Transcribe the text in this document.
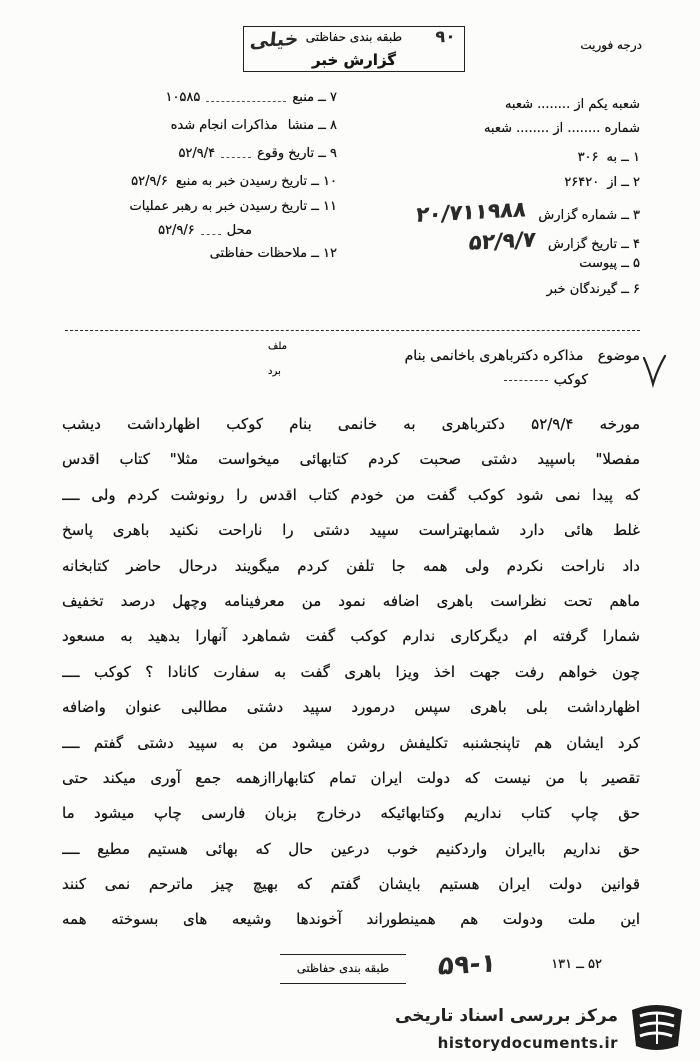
درجه فوریت
طبقه بندی حفاظتی ۹۰
خیلی
گزارش خبر
شعبه یکم از ........ شعبه
شماره ........ از ........ شعبه
۱ ــ به
۳۰۶
۲ ــ از
۲۶۴۲۰
۳ ــ شماره گزارش
۲۰/۷۱۱۹۸۸
۴ ــ تاریخ گزارش
۵۲/۹/۷
۵ ــ پیوست
۶ ــ گیرندگان خبر
۷ ــ منبع
۱۰۵۸۵
۸ ــ منشا
مذاکرات انجام شده
۹ ــ تاریخ وقوع
۵۲/۹/۴
۱۰ ــ تاریخ رسیدن خبر به منبع
۵۲/۹/۶
۱۱ ــ تاریخ رسیدن خبر به رهبر عملیات
محل
۵۲/۹/۶
۱۲ ــ ملاحظات حفاظتی
موضوع مذاکره دکترباهری باخانمی بنام
کوکب
ملف
برد
مورخه ۵۲/۹/۴ دکترباهری به خانمی بنام کوکب اظهارداشت دیشب
مفصلا" باسپید دشتی صحبت کردم کتابهائی میخواست مثلا" کتاب اقدس
که پیدا نمی شود کوکب گفت من خودم کتاب اقدس را رونوشت کردم ولی ــــ
غلط هائی دارد شمابهتراست سپید دشتی را ناراحت نکنید باهری پاسخ
داد ناراحت نکردم ولی همه جا تلفن کردم میگویند درحال حاضر کتابخانه
ماهم تحت نظراست باهری اضافه نمود من معرفینامه وچهل درصد تخفیف
شمارا گرفته ام دیگرکاری ندارم کوکب گفت شماهرد آنهارا بدهید به مسعود
چون خواهم رفت جهت اخذ ویزا باهری گفت به سفارت کانادا ؟ کوکب ــــ
اظهارداشت بلی باهری سپس درمورد سپید دشتی مطالبی عنوان واضافه
کرد ایشان هم تاپنجشنبه تکلیفش روشن میشود من به سپید دشتی گفتم ــــ
تقصیر با من نیست که دولت ایران تمام کتابهاراازهمه جمع آوری میکند حتی
حق چاپ کتاب نداریم وکتابهائیکه درخارج بزبان فارسی چاپ میشود ما
حق نداریم باایران واردکنیم خوب درعین حال که بهائی هستیم مطیع ــــ
قوانین دولت ایران هستیم بایشان گفتم که بهیچ چیز ماترحم نمی کنند
این ملت ودولت هم همینطوراند آخوندها وشیعه های بسوخته همه
۵۲ ــ ۱۳۱
۵۹-۱
طبقه بندی حفاظتی
مرکز بررسی اسناد تاریخی
historydocuments.ir
